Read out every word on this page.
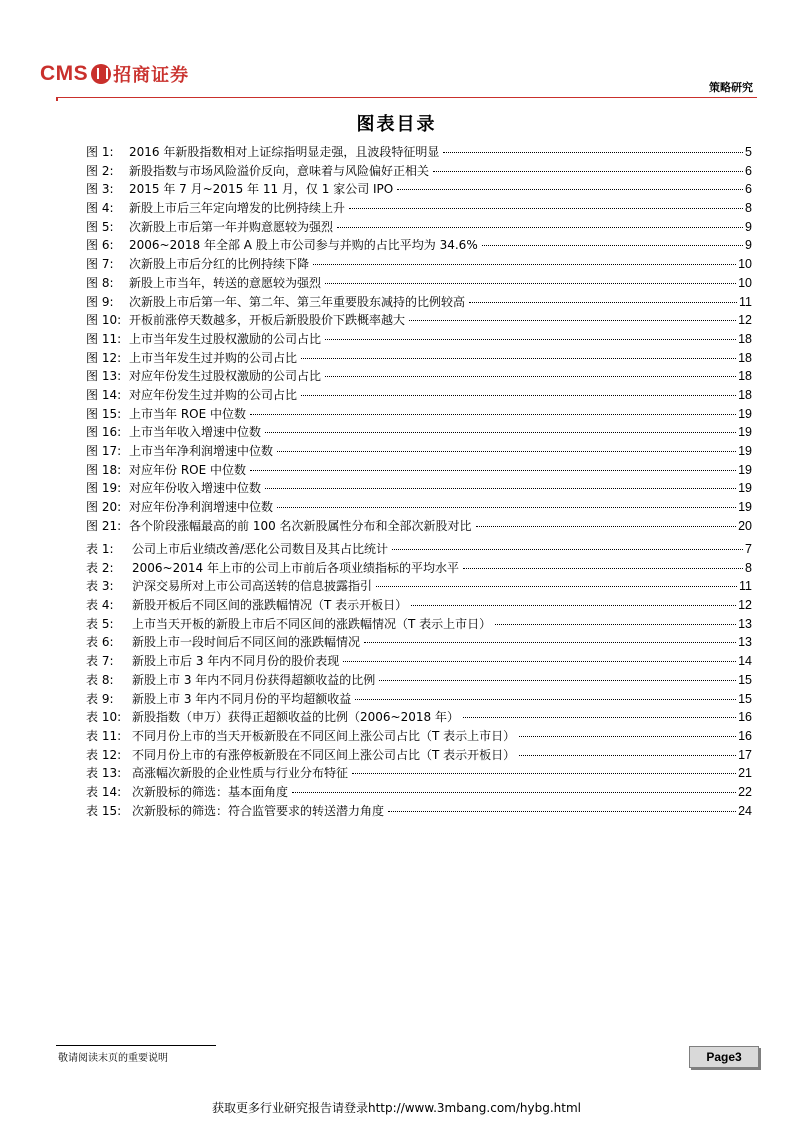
CMS 招商证券
策略研究
图表目录
图 1:	2016 年新股指数相对上证综指明显走强，且波段特征明显	5
图 2:	新股指数与市场风险溢价反向，意味着与风险偏好正相关	6
图 3:	2015 年 7 月~2015 年 11 月，仅 1 家公司 IPO	6
图 4:	新股上市后三年定向增发的比例持续上升	8
图 5:	次新股上市后第一年并购意愿较为强烈	9
图 6:	2006~2018 年全部 A 股上市公司参与并购的占比平均为 34.6%	9
图 7:	次新股上市后分红的比例持续下降	10
图 8:	新股上市当年，转送的意愿较为强烈	10
图 9:	次新股上市后第一年、第二年、第三年重要股东减持的比例较高	11
图 10: 开板前涨停天数越多，开板后新股股价下跌概率越大	12
图 11: 上市当年发生过股权激励的公司占比	18
图 12: 上市当年发生过并购的公司占比	18
图 13: 对应年份发生过股权激励的公司占比	18
图 14: 对应年份发生过并购的公司占比	18
图 15: 上市当年 ROE 中位数	19
图 16: 上市当年收入增速中位数	19
图 17: 上市当年净利润增速中位数	19
图 18: 对应年份 ROE 中位数	19
图 19: 对应年份收入增速中位数	19
图 20: 对应年份净利润增速中位数	19
图 21: 各个阶段涨幅最高的前 100 名次新股属性分布和全部次新股对比	20
表 1:	公司上市后业绩改善/恶化公司数目及其占比统计	7
表 2:	2006~2014 年上市的公司上市前后各项业绩指标的平均水平	8
表 3:	沪深交易所对上市公司高送转的信息披露指引	11
表 4:	新股开板后不同区间的涨跌幅情况（T 表示开板日）	12
表 5:	上市当天开板的新股上市后不同区间的涨跌幅情况（T 表示上市日）	13
表 6:	新股上市一段时间后不同区间的涨跌幅情况	13
表 7:	新股上市后 3 年内不同月份的股价表现	14
表 8:	新股上市 3 年内不同月份获得超额收益的比例	15
表 9:	新股上市 3 年内不同月份的平均超额收益	15
表 10: 新股指数（申万）获得正超额收益的比例（2006~2018 年）	16
表 11: 不同月份上市的当天开板新股在不同区间上涨公司占比（T 表示上市日）	16
表 12: 不同月份上市的有涨停板新股在不同区间上涨公司占比（T 表示开板日）	17
表 13: 高涨幅次新股的企业性质与行业分布特征	21
表 14: 次新股标的筛选：基本面角度	22
表 15: 次新股标的筛选：符合监管要求的转送潜力角度	24
敬请阅读末页的重要说明	Page3
获取更多行业研究报告请登录http://www.3mbang.com/hybg.html
